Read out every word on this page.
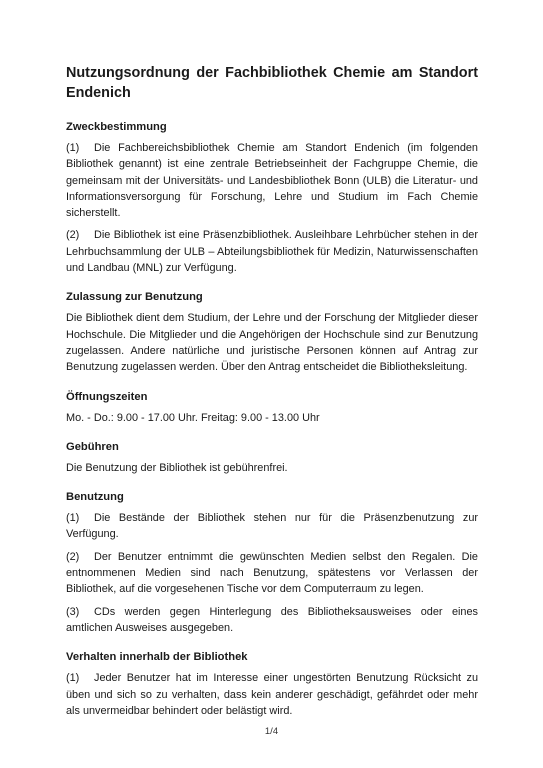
Nutzungsordnung der Fachbibliothek Chemie am Standort Endenich
Zweckbestimmung

(1) Die Fachbereichsbibliothek Chemie am Standort Endenich (im folgenden Bibliothek genannt) ist eine zentrale Betriebseinheit der Fachgruppe Chemie, die gemeinsam mit der Universitäts- und Landesbibliothek Bonn (ULB) die Literatur- und Informationsversorgung für Forschung, Lehre und Studium im Fach Chemie sicherstellt.

(2) Die Bibliothek ist eine Präsenzbibliothek. Ausleihbare Lehrbücher stehen in der Lehrbuchsammlung der ULB – Abteilungsbibliothek für Medizin, Naturwissenschaften und Landbau (MNL) zur Verfügung.

Zulassung zur Benutzung

Die Bibliothek dient dem Studium, der Lehre und der Forschung der Mitglieder dieser Hochschule. Die Mitglieder und die Angehörigen der Hochschule sind zur Benutzung zugelassen. Andere natürliche und juristische Personen können auf Antrag zur Benutzung zugelassen werden. Über den Antrag entscheidet die Bibliotheksleitung.

Öffnungszeiten

Mo. - Do.: 9.00 - 17.00 Uhr. Freitag: 9.00 - 13.00 Uhr

Gebühren

Die Benutzung der Bibliothek ist gebührenfrei.

Benutzung

(1) Die Bestände der Bibliothek stehen nur für die Präsenzbenutzung zur Verfügung.

(2) Der Benutzer entnimmt die gewünschten Medien selbst den Regalen. Die entnommenen Medien sind nach Benutzung, spätestens vor Verlassen der Bibliothek, auf die vorgesehenen Tische vor dem Computerraum zu legen.

(3) CDs werden gegen Hinterlegung des Bibliotheksausweises oder eines amtlichen Ausweises ausgegeben.

Verhalten innerhalb der Bibliothek

(1) Jeder Benutzer hat im Interesse einer ungestörten Benutzung Rücksicht zu üben und sich so zu verhalten, dass kein anderer geschädigt, gefährdet oder mehr als unvermeidbar behindert oder belästigt wird.

1/4
